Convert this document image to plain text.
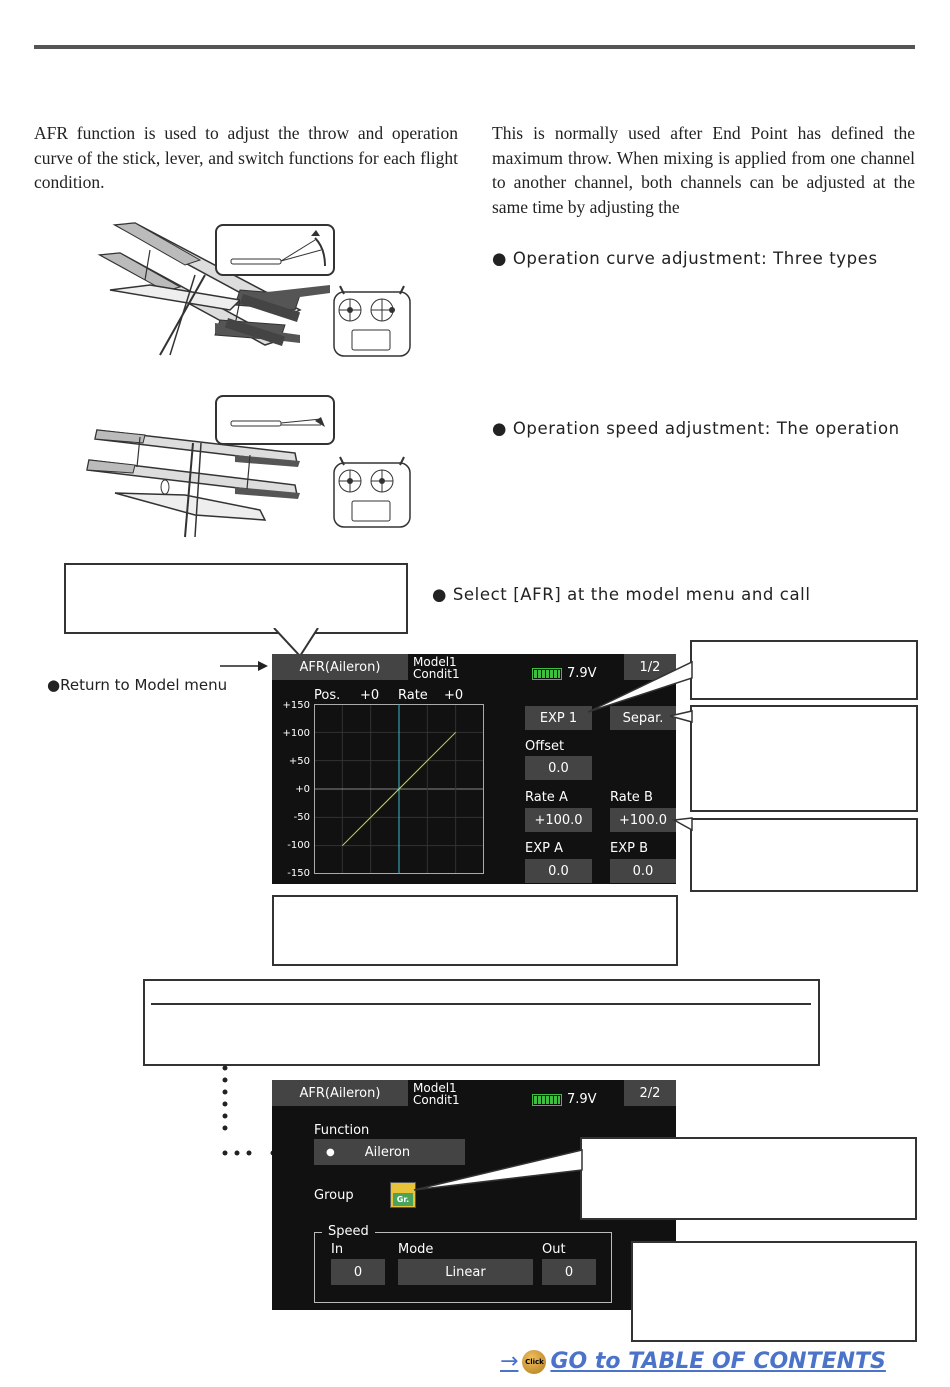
AFR function is used to adjust the throw and operation curve of the stick, lever, and switch functions for each flight condition.
This is normally used after End Point has defined the maximum throw. When mixing is applied from one channel to another channel, both channels can be adjusted at the same time by adjusting the
● Operation curve adjustment: Three types
● Operation speed adjustment: The operation
● Select [AFR] at the model menu and call
●Return to Model menu
AFR(Aileron)	Model1
Condit1	7.9V	1/2
Pos. +0 Rate +0
+150
+100
+50
+0
-50
-100
-150
EXP 1	Separ.
Offset
0.0
Rate A	Rate B
+100.0	+100.0
EXP A	EXP B
0.0	0.0
AFR(Aileron)	Model1
Condit1	7.9V	2/2
Function
● Aileron
Group	Gr.
Speed
In	Mode	Out
0	Linear	0
→ Click GO to TABLE OF CONTENTS
